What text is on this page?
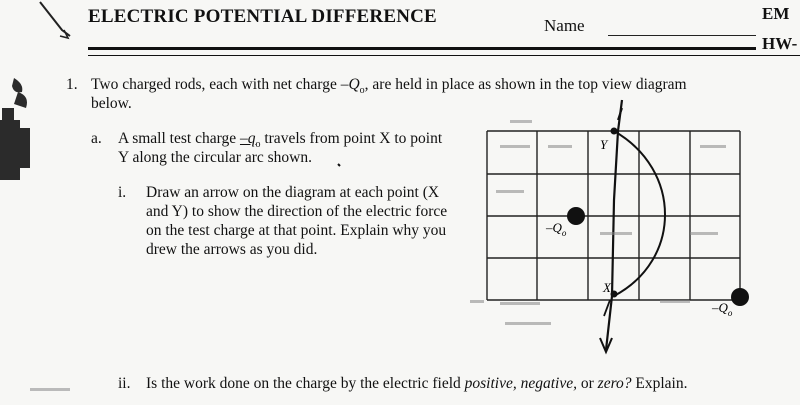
ELECTRIC POTENTIAL DIFFERENCE	Name
EM
HW-
1. Two charged rods, each with net charge $-Q_o$, are held in place as shown in the top view diagram
below.
a. A small test charge $-q_o$ travels from point X to point
Y along the circular arc shown.
i. Draw an arrow on the diagram at each point (X
and Y) to show the direction of the electric force
on the test charge at that point. Explain why you
drew the arrows as you did.
ii. Is the work done on the charge by the electric field positive, negative, or zero? Explain.
Y
X
$-Q_o$
$-Q_o$
